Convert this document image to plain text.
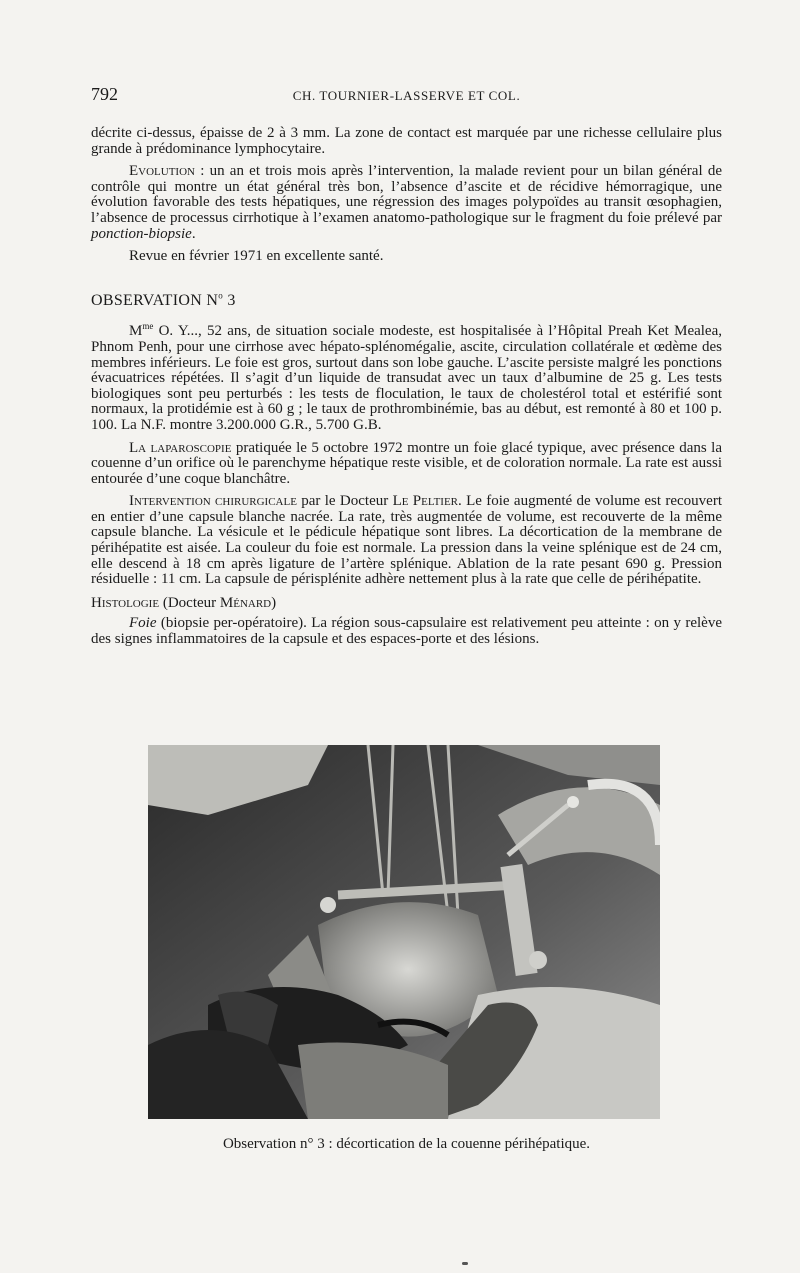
792	CH. TOURNIER-LASSERVE ET COL.

décrite ci-dessus, épaisse de 2 à 3 mm. La zone de contact est marquée par une richesse cellulaire plus grande à prédominance lymphocytaire.

Evolution : un an et trois mois après l’intervention, la malade revient pour un bilan général de contrôle qui montre un état général très bon, l’absence d’ascite et de récidive hémorragique, une évolution favorable des tests hépatiques, une régression des images polypoïdes au transit œsophagien, l’absence de processus cirrhotique à l’examen anatomo-pathologique sur le fragment du foie prélevé par ponction-biopsie.

Revue en février 1971 en excellente santé.

OBSERVATION $N^o$ 3

$M^{me}$ O. Y..., 52 ans, de situation sociale modeste, est hospitalisée à l’Hôpital Preah Ket Mealea, Phnom Penh, pour une cirrhose avec hépato-splénomégalie, ascite, circulation collatérale et œdème des membres inférieurs. Le foie est gros, surtout dans son lobe gauche. L’ascite persiste malgré les ponctions évacuatrices répétées. Il s’agit d’un liquide de transudat avec un taux d’albumine de 25 g. Les tests biologiques sont peu perturbés : les tests de floculation, le taux de cholestérol total et estérifié sont normaux, la protidémie est à 60 g ; le taux de prothrombinémie, bas au début, est remonté à 80 et 100 p. 100. La N.F. montre 3.200.000 G.R., 5.700 G.B.

La laparoscopie pratiquée le 5 octobre 1972 montre un foie glacé typique, avec présence dans la couenne d’un orifice où le parenchyme hépatique reste visible, et de coloration normale. La rate est aussi entourée d’une coque blanchâtre.

Intervention chirurgicale par le Docteur Le Peltier. Le foie augmenté de volume est recouvert en entier d’une capsule blanche nacrée. La rate, très augmentée de volume, est recouverte de la même capsule blanche. La vésicule et le pédicule hépatique sont libres. La décortication de la membrane de périhépatite est aisée. La couleur du foie est normale. La pression dans la veine splénique est de 24 cm, elle descend à 18 cm après ligature de l’artère splénique. Ablation de la rate pesant 690 g. Pression résiduelle : 11 cm. La capsule de périsplénite adhère nettement plus à la rate que celle de périhépatite.

Histologie (Docteur Ménard)

Foie (biopsie per-opératoire). La région sous-capsulaire est relativement peu atteinte : on y relève des signes inflammatoires de la capsule et des espaces-porte et des lésions.

Observation n° 3 : décortication de la couenne périhépatique.
